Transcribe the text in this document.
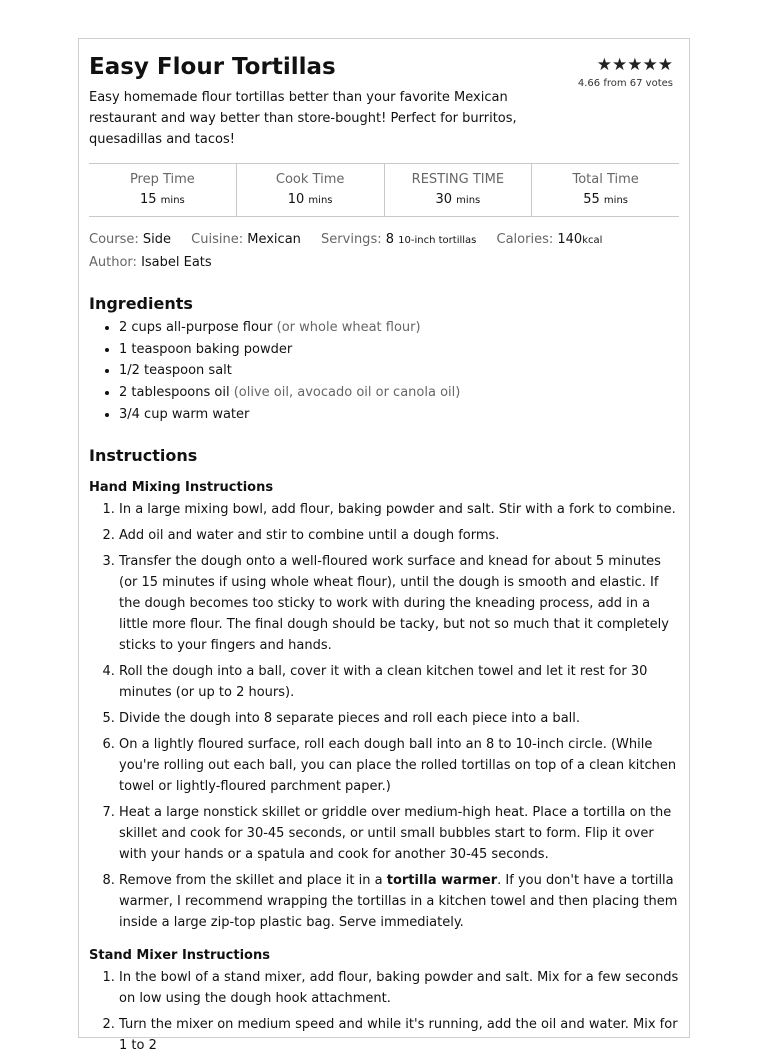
Easy Flour Tortillas
Easy homemade flour tortillas better than your favorite Mexican restaurant and way better than store-bought! Perfect for burritos, quesadillas and tacos!
★★★★★
4.66 from 67 votes
Prep Time
15 mins
Cook Time
10 mins
RESTING TIME
30 mins
Total Time
55 mins
Course: Side Cuisine: Mexican Servings: 8 10-inch tortillas Calories: 140kcal
Author: Isabel Eats
Ingredients
• 2 cups all-purpose flour (or whole wheat flour)
• 1 teaspoon baking powder
• 1/2 teaspoon salt
• 2 tablespoons oil (olive oil, avocado oil or canola oil)
• 3/4 cup warm water
Instructions
Hand Mixing Instructions
1. In a large mixing bowl, add flour, baking powder and salt. Stir with a fork to combine.
2. Add oil and water and stir to combine until a dough forms.
3. Transfer the dough onto a well-floured work surface and knead for about 5 minutes (or 15 minutes if using whole wheat flour), until the dough is smooth and elastic. If the dough becomes too sticky to work with during the kneading process, add in a little more flour. The final dough should be tacky, but not so much that it completely sticks to your fingers and hands.
4. Roll the dough into a ball, cover it with a clean kitchen towel and let it rest for 30 minutes (or up to 2 hours).
5. Divide the dough into 8 separate pieces and roll each piece into a ball.
6. On a lightly floured surface, roll each dough ball into an 8 to 10-inch circle. (While you're rolling out each ball, you can place the rolled tortillas on top of a clean kitchen towel or lightly-floured parchment paper.)
7. Heat a large nonstick skillet or griddle over medium-high heat. Place a tortilla on the skillet and cook for 30-45 seconds, or until small bubbles start to form. Flip it over with your hands or a spatula and cook for another 30-45 seconds.
8. Remove from the skillet and place it in a tortilla warmer. If you don't have a tortilla warmer, I recommend wrapping the tortillas in a kitchen towel and then placing them inside a large zip-top plastic bag. Serve immediately.
Stand Mixer Instructions
1. In the bowl of a stand mixer, add flour, baking powder and salt. Mix for a few seconds on low using the dough hook attachment.
2. Turn the mixer on medium speed and while it's running, add the oil and water. Mix for 1 to 2
